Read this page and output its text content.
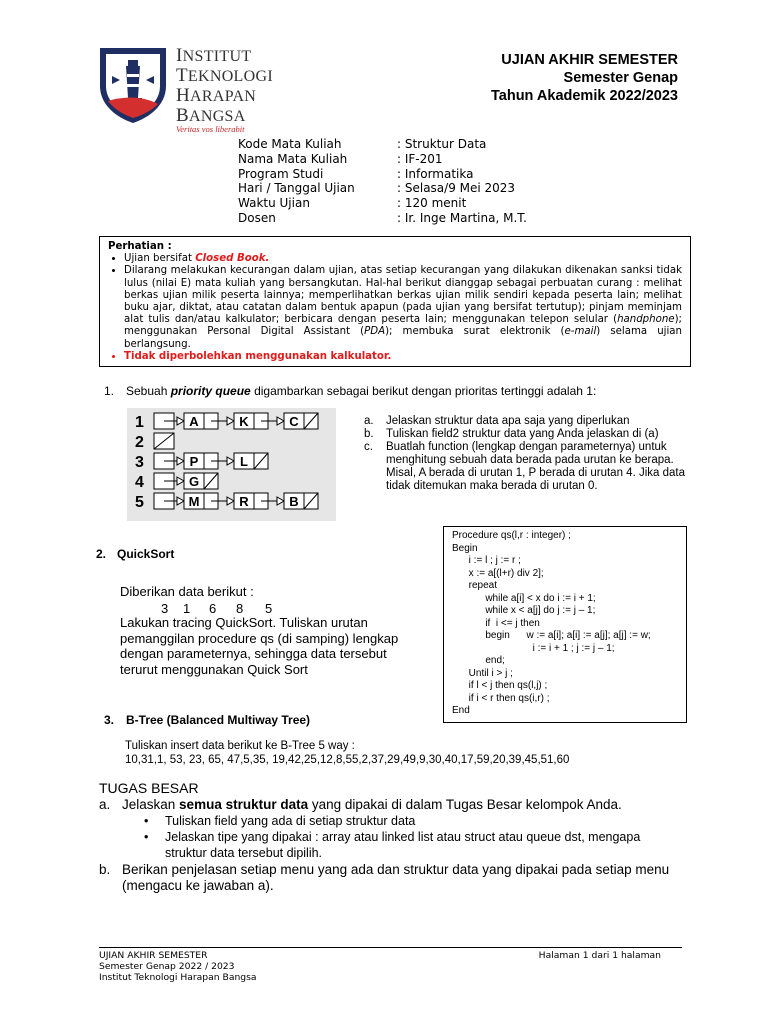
INSTITUT
TEKNOLOGI
HARAPAN
BANGSA
Veritas vos liberabit
UJIAN AKHIR SEMESTER
Semester Genap
Tahun Akademik 2022/2023
Kode Mata Kuliah	: Struktur Data
Nama Mata Kuliah	: IF-201
Program Studi	: Informatika
Hari / Tanggal Ujian	: Selasa/9 Mei 2023
Waktu Ujian	: 120 menit
Dosen	: Ir. Inge Martina, M.T.
Perhatian :
• Ujian bersifat Closed Book.
• Dilarang melakukan kecurangan dalam ujian, atas setiap kecurangan yang dilakukan dikenakan sanksi tidak lulus (nilai E) mata kuliah yang bersangkutan. Hal-hal berikut dianggap sebagai perbuatan curang : melihat berkas ujian milik peserta lainnya; memperlihatkan berkas ujian milik sendiri kepada peserta lain; melihat buku ajar, diktat, atau catatan dalam bentuk apapun (pada ujian yang bersifat tertutup); pinjam meminjam alat tulis dan/atau kalkulator; berbicara dengan peserta lain; menggunakan telepon selular (handphone); menggunakan Personal Digital Assistant (PDA); membuka surat elektronik (e-mail) selama ujian berlangsung.
• Tidak diperbolehkan menggunakan kalkulator.
1. Sebuah priority queue digambarkan sebagai berikut dengan prioritas tertinggi adalah 1:
1	A	K	C
2
3	P	L
4	G
5	M	R	B
a.	Jelaskan struktur data apa saja yang diperlukan
b.	Tuliskan field2 struktur data yang Anda jelaskan di (a)
c.	Buatlah function (lengkap dengan parameternya) untuk menghitung sebuah data berada pada urutan ke berapa. Misal, A berada di urutan 1, P berada di urutan 4. Jika data tidak ditemukan maka berada di urutan 0.
2. QuickSort
Diberikan data berikut :
3	1	6	8	5
Lakukan tracing QuickSort. Tuliskan urutan pemanggilan procedure qs (di samping) lengkap dengan parameternya, sehingga data tersebut terurut menggunakan Quick Sort
Procedure qs(l,r : integer) ;
Begin
i := l ; j := r ;
x := a[(l+r) div 2];
repeat
while a[i] < x do i := i + 1;
while x < a[j] do j := j – 1;
if  i <= j then
begin      w := a[i]; a[i] := a[j]; a[j] := w;
i := i + 1 ; j := j – 1;
end;
Until i > j ;
if l < j then qs(l,j) ;
if i < r then qs(i,r) ;
End
3. B-Tree (Balanced Multiway Tree)
Tuliskan insert data berikut ke B-Tree 5 way :
10,31,1, 53, 23, 65, 47,5,35, 19,42,25,12,8,55,2,37,29,49,9,30,40,17,59,20,39,45,51,60
TUGAS BESAR
a. Jelaskan semua struktur data yang dipakai di dalam Tugas Besar kelompok Anda.
•	Tuliskan field yang ada di setiap struktur data
•	Jelaskan tipe yang dipakai : array atau linked list atau struct atau queue dst, mengapa struktur data tersebut dipilih.
b. Berikan penjelasan setiap menu yang ada dan struktur data yang dipakai pada setiap menu (mengacu ke jawaban a).
UJIAN AKHIR SEMESTER
Semester Genap 2022 / 2023
Institut Teknologi Harapan Bangsa
Halaman 1 dari 1 halaman
